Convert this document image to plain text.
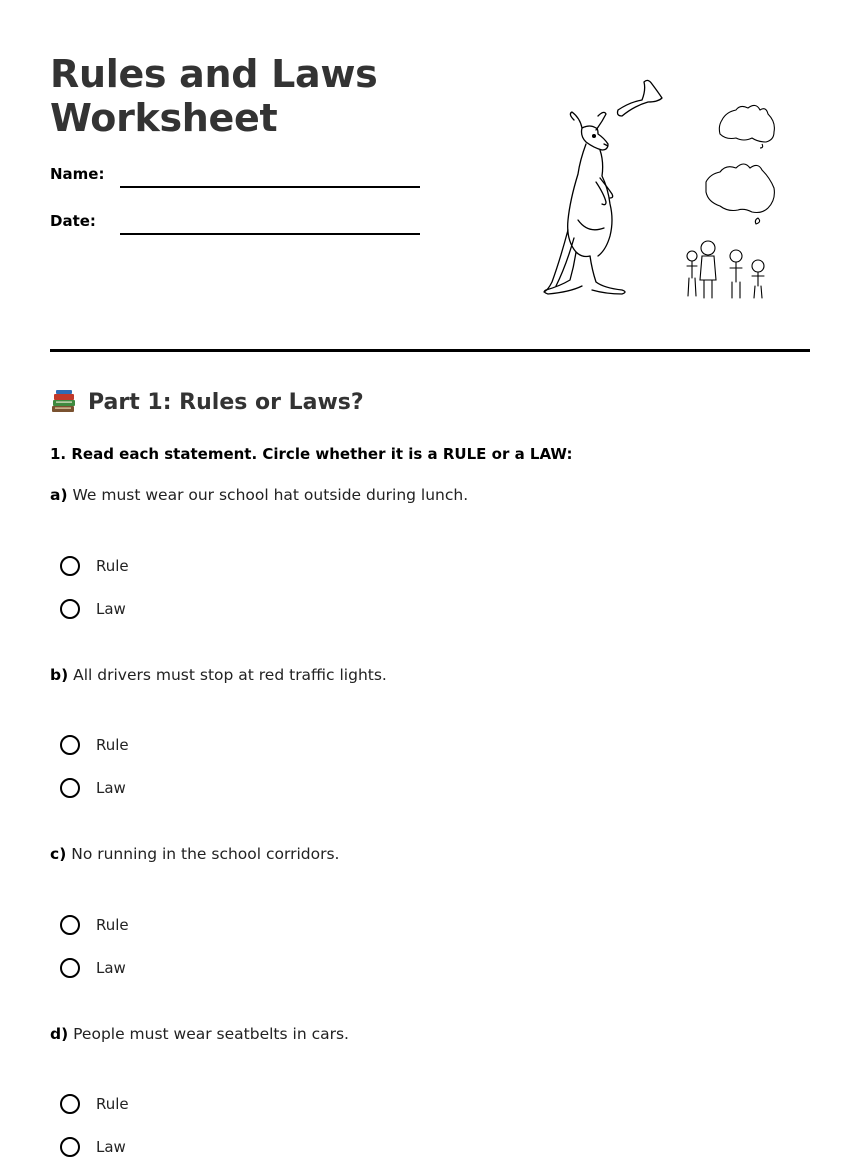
Rules and Laws
Worksheet
Name:
Date:
Part 1: Rules or Laws?
1. Read each statement. Circle whether it is a RULE or a LAW:
a) We must wear our school hat outside during lunch.
Rule
Law
b) All drivers must stop at red traffic lights.
Rule
Law
c) No running in the school corridors.
Rule
Law
d) People must wear seatbelts in cars.
Rule
Law
